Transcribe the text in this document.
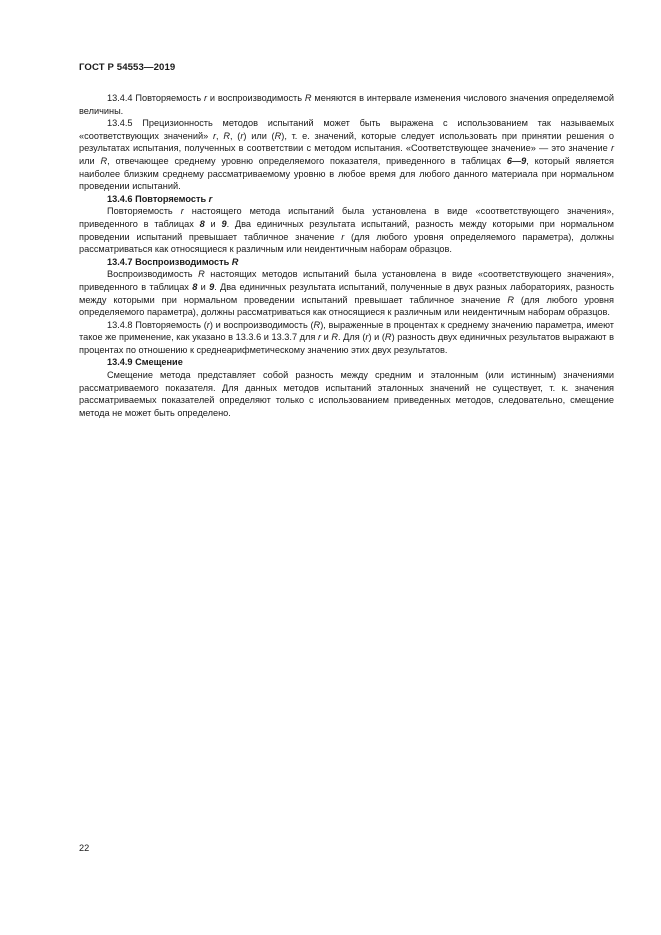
ГОСТ Р 54553—2019

13.4.4 Повторяемость r и воспроизводимость R меняются в интервале изменения числового значения определяемой величины.

13.4.5 Прецизионность методов испытаний может быть выражена с использованием так называемых «соответствующих значений» r, R, (r) или (R), т. е. значений, которые следует использовать при принятии решения о результатах испытания, полученных в соответствии с методом испытания. «Соответствующее значение» — это значение r или R, отвечающее среднему уровню определяемого показателя, приведенного в таблицах 6—9, который является наиболее близким среднему рассматриваемому уровню в любое время для любого данного материала при нормальном проведении испытаний.

13.4.6 Повторяемость r

Повторяемость r настоящего метода испытаний была установлена в виде «соответствующего значения», приведенного в таблицах 8 и 9. Два единичных результата испытаний, разность между которыми при нормальном проведении испытаний превышает табличное значение r (для любого уровня определяемого параметра), должны рассматриваться как относящиеся к различным или неидентичным наборам образцов.

13.4.7 Воспроизводимость R

Воспроизводимость R настоящих методов испытаний была установлена в виде «соответствующего значения», приведенного в таблицах 8 и 9. Два единичных результата испытаний, полученные в двух разных лабораториях, разность между которыми при нормальном проведении испытаний превышает табличное значение R (для любого уровня определяемого параметра), должны рассматриваться как относящиеся к различным или неидентичным наборам образцов.

13.4.8 Повторяемость (r) и воспроизводимость (R), выраженные в процентах к среднему значению параметра, имеют такое же применение, как указано в 13.3.6 и 13.3.7 для r и R. Для (r) и (R) разность двух единичных результатов выражают в процентах по отношению к среднеарифметическому значению этих двух результатов.

13.4.9 Смещение

Смещение метода представляет собой разность между средним и эталонным (или истинным) значениями рассматриваемого показателя. Для данных методов испытаний эталонных значений не существует, т. к. значения рассматриваемых показателей определяют только с использованием приведенных методов, следовательно, смещение метода не может быть определено.

22
